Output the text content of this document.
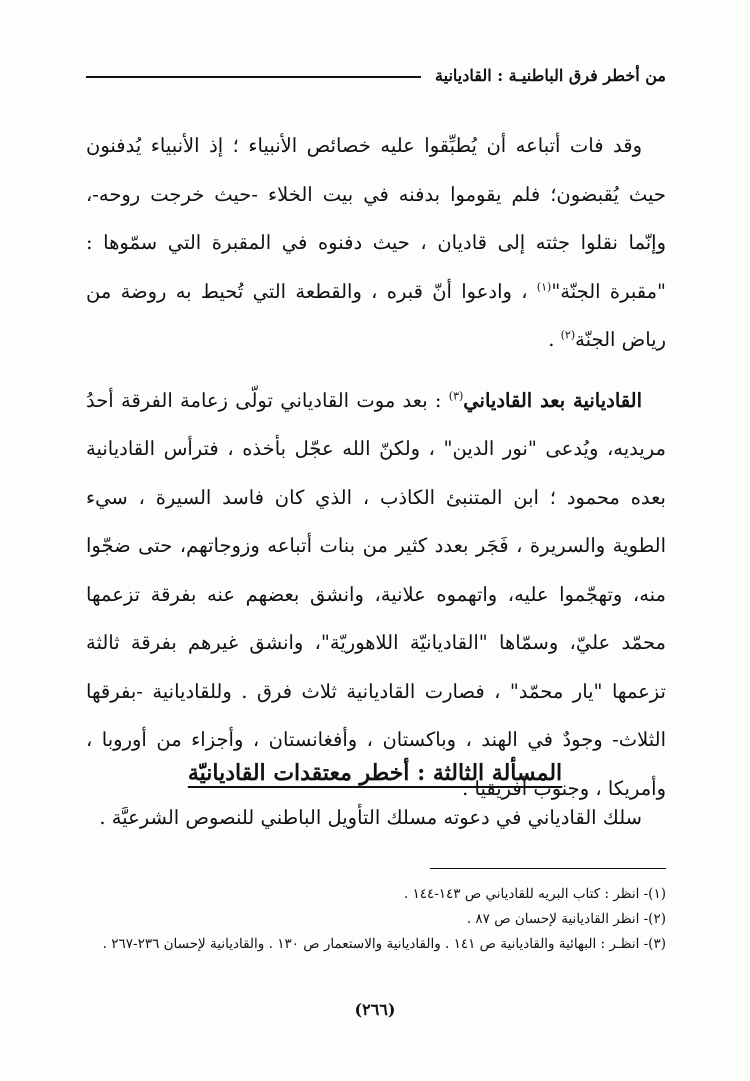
من أخطر فرق الباطنيـة : القاديانية

وقد فات أتباعه أن يُطبِّقوا عليه خصائص الأنبياء ؛ إذ الأنبياء يُدفنون حيث يُقبضون؛ فلم يقوموا بدفنه في بيت الخلاء -حيث خرجت روحه-، وإنّما نقلوا جثته إلى قاديان ، حيث دفنوه في المقبرة التي سمّوها : "مقبرة الجنّة"$^{(١)}$ ، وادعوا أنّ قبره ، والقطعة التي تُحيط به روضة من رياض الجنّة$^{(٢)}$ .

القاديانية بعد القادياني$^{(٣)}$ : بعد موت القادياني تولّى زعامة الفرقة أحدُ مريديه، ويُدعى "نور الدين" ، ولكنّ الله عجّل بأخذه ، فترأس القاديانية بعده محمود ؛ ابن المتنبئ الكاذب ، الذي كان فاسد السيرة ، سيء الطوية والسريرة ، فَجَر بعدد كثير من بنات أتباعه وزوجاتهم، حتى ضجّوا منه، وتهجّموا عليه، واتهموه علانية، وانشق بعضهم عنه بفرقة تزعمها محمّد عليّ، وسمّاها "القاديانيّة اللاهوريّة"، وانشق غيرهم بفرقة ثالثة تزعمها "يار محمّد" ، فصارت القاديانية ثلاث فرق . وللقاديانية -بفرقها الثلاث- وجودٌ في الهند ، وباكستان ، وأفغانستان ، وأجزاء من أوروبا ، وأمريكا ، وجنوب أفريقيا .

المسألة الثالثة : أخطر معتقدات القاديانيّة
سلك القادياني في دعوته مسلك التأويل الباطني للنصوص الشرعيَّة .
(١)- انظر : كتاب البريه للقادياني ص ١٤٣-١٤٤ .
(٢)- انظر القاديانية لإحسان ص ٨٧ .
(٣)- انظـر : البهائية والقاديانية ص ١٤١ . والقاديانية والاستعمار ص ١٣٠ . والقاديانية لإحسان ٢٣٦-٢٦٧ .
(٢٦٦)
